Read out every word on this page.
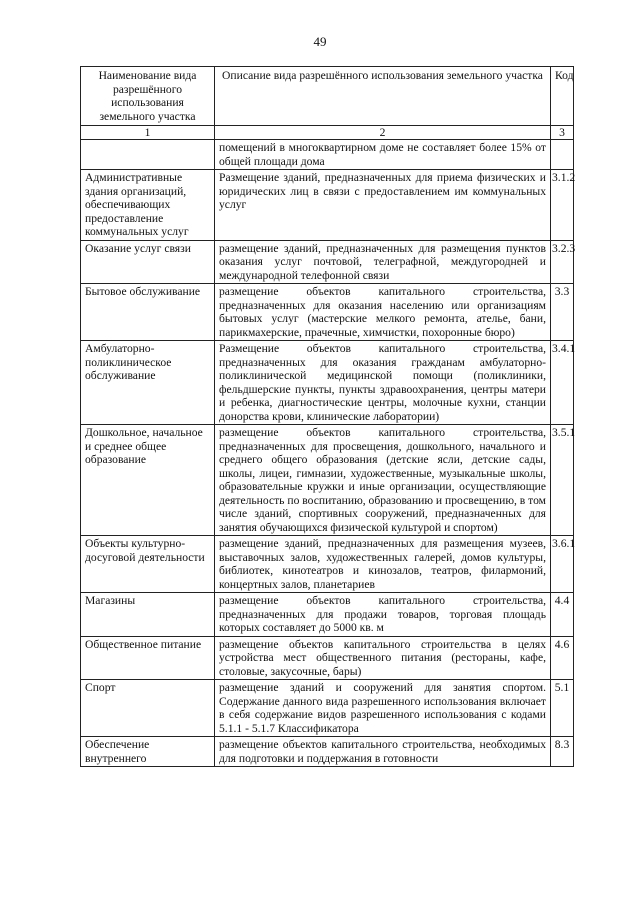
49
Наименование вида разрешённого использования земельного участка	Описание вида разрешённого использования земельного участка	Код
1	2	3
	помещений в многоквартирном доме не составляет более 15% от общей площади дома	
Административные здания организаций, обеспечивающих предоставление коммунальных услуг	Размещение зданий, предназначенных для приема физических и юридических лиц в связи с предоставлением им коммунальных услуг	3.1.2
Оказание услуг связи	размещение зданий, предназначенных для размещения пунктов оказания услуг почтовой, телеграфной, междугородней и международной телефонной связи	3.2.3
Бытовое обслуживание	размещение объектов капитального строительства, предназначенных для оказания населению или организациям бытовых услуг (мастерские мелкого ремонта, ателье, бани, парикмахерские, прачечные, химчистки, похоронные бюро)	3.3
Амбулаторно-поликлиническое обслуживание	Размещение объектов капитального строительства, предназначенных для оказания гражданам амбулаторно-поликлинической медицинской помощи (поликлиники, фельдшерские пункты, пункты здравоохранения, центры матери и ребенка, диагностические центры, молочные кухни, станции донорства крови, клинические лаборатории)	3.4.1
Дошкольное, начальное и среднее общее образование	размещение объектов капитального строительства, предназначенных для просвещения, дошкольного, начального и среднего общего образования (детские ясли, детские сады, школы, лицеи, гимназии, художественные, музыкальные школы, образовательные кружки и иные организации, осуществляющие деятельность по воспитанию, образованию и просвещению, в том числе зданий, спортивных сооружений, предназначенных для занятия обучающихся физической культурой и спортом)	3.5.1
Объекты культурно-досуговой деятельности	размещение зданий, предназначенных для размещения музеев, выставочных залов, художественных галерей, домов культуры, библиотек, кинотеатров и кинозалов, театров, филармоний, концертных залов, планетариев	3.6.1
Магазины	размещение объектов капитального строительства, предназначенных для продажи товаров, торговая площадь которых составляет до 5000 кв. м	4.4
Общественное питание	размещение объектов капитального строительства в целях устройства мест общественного питания (рестораны, кафе, столовые, закусочные, бары)	4.6
Спорт	размещение зданий и сооружений для занятия спортом. Содержание данного вида разрешенного использования включает в себя содержание видов разрешенного использования с кодами 5.1.1 - 5.1.7 Классификатора	5.1
Обеспечение внутреннего	размещение объектов капитального строительства, необходимых для подготовки и поддержания в готовности	8.3
